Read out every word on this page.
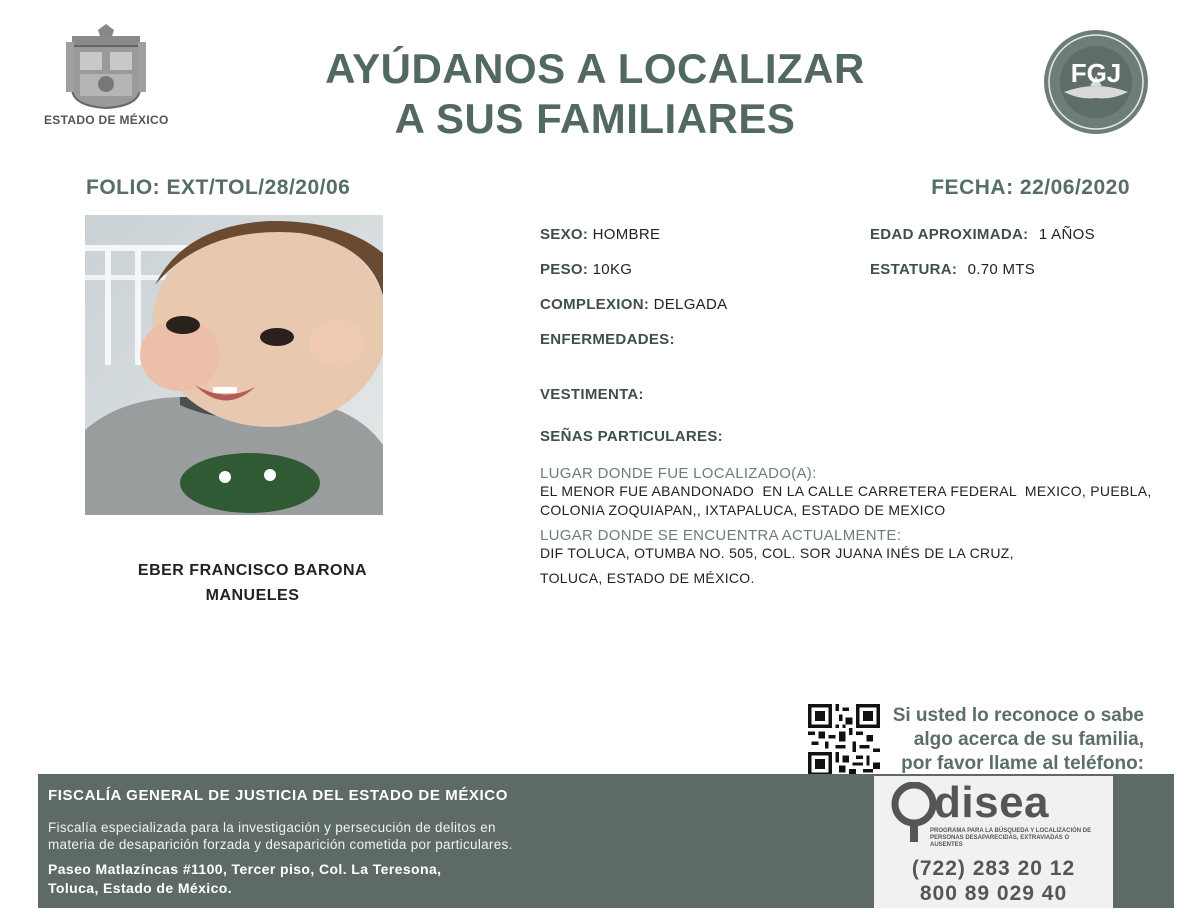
ESTADO DE MÉXICO
AYÚDANOS A LOCALIZAR
A SUS FAMILIARES
FGJ
FOLIO: EXT/TOL/28/20/06	FECHA: 22/06/2020
EBER FRANCISCO BARONA
MANUELES
SEXO: HOMBRE	EDAD APROXIMADA: 1 AÑOS
PESO: 10KG	ESTATURA: 0.70 MTS
COMPLEXION: DELGADA
ENFERMEDADES:
VESTIMENTA:
SEÑAS PARTICULARES:
LUGAR DONDE FUE LOCALIZADO(A):
EL MENOR FUE ABANDONADO  EN LA CALLE CARRETERA FEDERAL  MEXICO, PUEBLA,
COLONIA ZOQUIAPAN,, IXTAPALUCA, ESTADO DE MEXICO
LUGAR DONDE SE ENCUENTRA ACTUALMENTE:
DIF TOLUCA, OTUMBA NO. 505, COL. SOR JUANA INÉS DE LA CRUZ,
TOLUCA, ESTADO DE MÉXICO.
Si usted lo reconoce o sabe
algo acerca de su familia,
por favor llame al teléfono:
FISCALÍA GENERAL DE JUSTICIA DEL ESTADO DE MÉXICO
Fiscalía especializada para la investigación y persecución de delitos en
materia de desaparición forzada y desaparición cometida por particulares.
Paseo Matlazíncas #1100, Tercer piso, Col. La Teresona,
Toluca, Estado de México.
disea
PROGRAMA PARA LA BÚSQUEDA Y LOCALIZACIÓN DE PERSONAS DESAPARECIDAS, EXTRAVIADAS O AUSENTES
(722) 283 20 12
800 89 029 40
